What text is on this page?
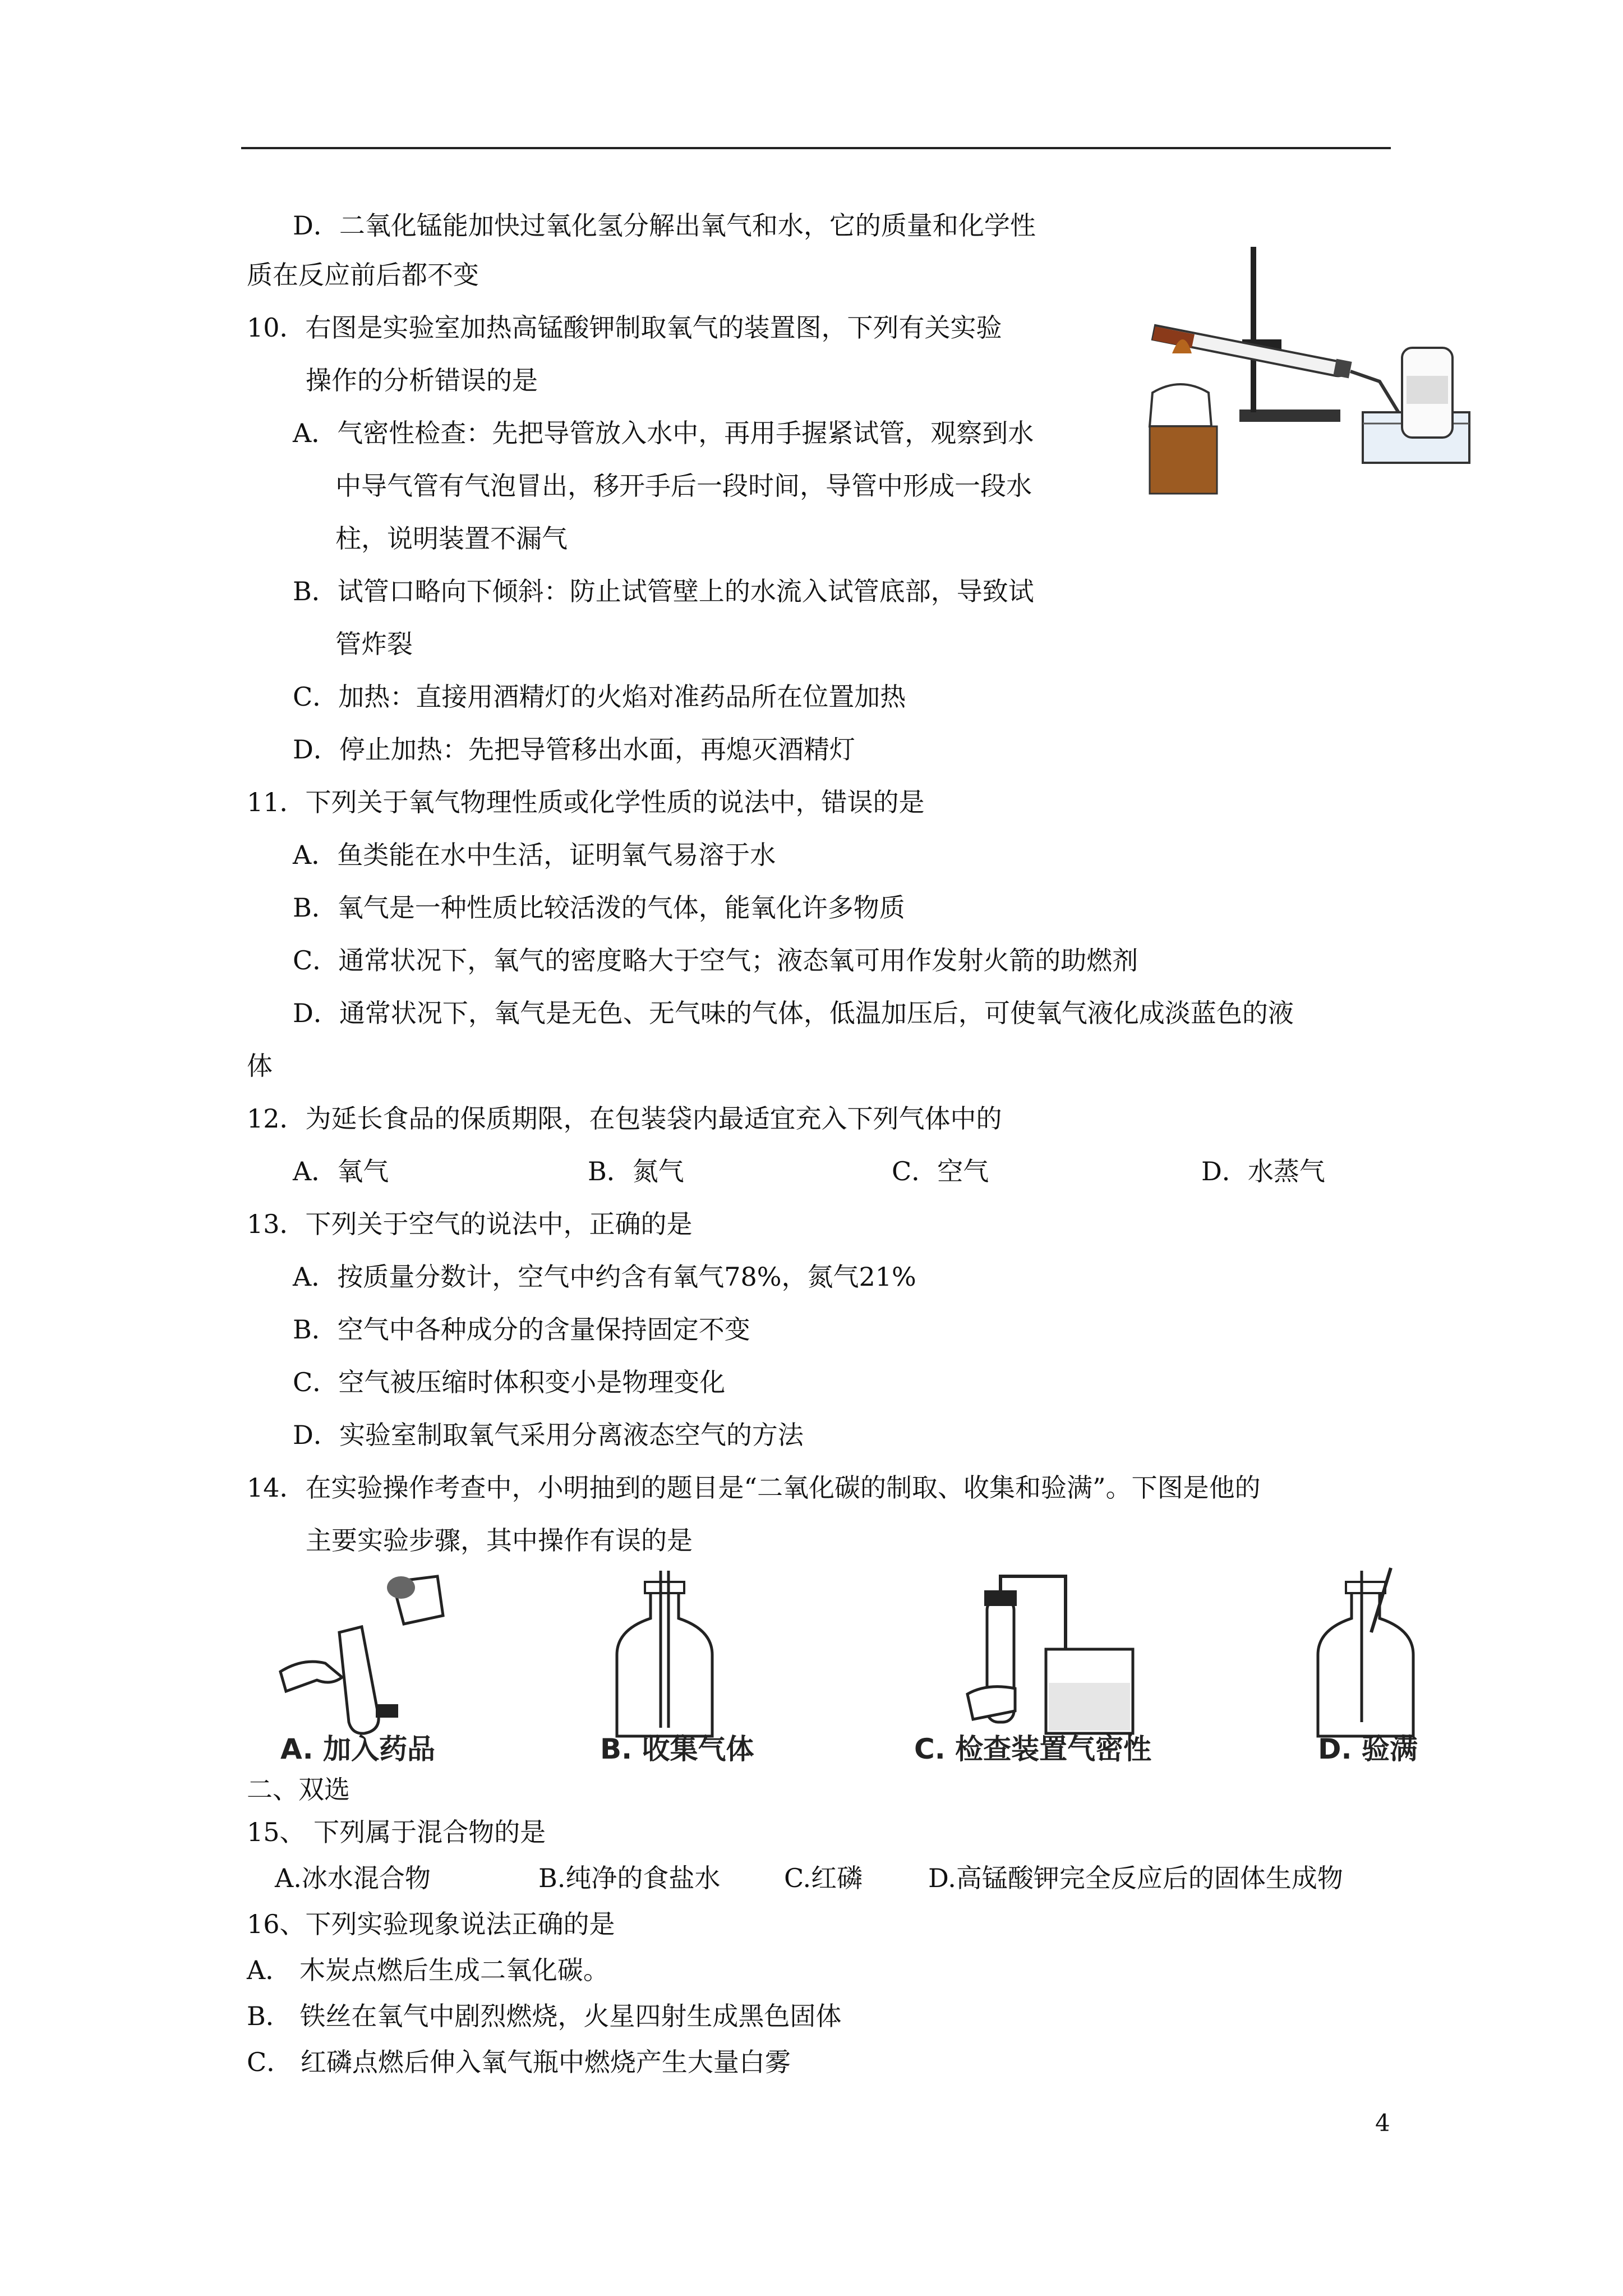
D．二氧化锰能加快过氧化氢分解出氧气和水，它的质量和化学性
质在反应前后都不变
10．右图是实验室加热高锰酸钾制取氧气的装置图，下列有关实验
操作的分析错误的是
A．气密性检查：先把导管放入水中，再用手握紧试管，观察到水
中导气管有气泡冒出，移开手后一段时间，导管中形成一段水
柱，说明装置不漏气
B．试管口略向下倾斜：防止试管壁上的水流入试管底部，导致试
管炸裂
C．加热：直接用酒精灯的火焰对准药品所在位置加热
D．停止加热：先把导管移出水面，再熄灭酒精灯
11．下列关于氧气物理性质或化学性质的说法中，错误的是
A．鱼类能在水中生活，证明氧气易溶于水
B．氧气是一种性质比较活泼的气体，能氧化许多物质
C．通常状况下，氧气的密度略大于空气；液态氧可用作发射火箭的助燃剂
D．通常状况下，氧气是无色、无气味的气体，低温加压后，可使氧气液化成淡蓝色的液
体
12．为延长食品的保质期限，在包装袋内最适宜充入下列气体中的
A．氧气	B．氮气	C．空气	D．水蒸气
13．下列关于空气的说法中，正确的是
A．按质量分数计，空气中约含有氧气78%，氮气21%
B．空气中各种成分的含量保持固定不变
C．空气被压缩时体积变小是物理变化
D．实验室制取氧气采用分离液态空气的方法
14．在实验操作考查中，小明抽到的题目是“二氧化碳的制取、收集和验满”。下图是他的
主要实验步骤，其中操作有误的是
A. 加入药品	B. 收集气体	C. 检查装置气密性	D. 验满
二、双选
15、 下列属于混合物的是
A.冰水混合物	B.纯净的食盐水 C.红磷	D.高锰酸钾完全反应后的固体生成物
16、下列实验现象说法正确的是
A． 木炭点燃后生成二氧化碳。
B． 铁丝在氧气中剧烈燃烧，火星四射生成黑色固体
C． 红磷点燃后伸入氧气瓶中燃烧产生大量白雾
4
